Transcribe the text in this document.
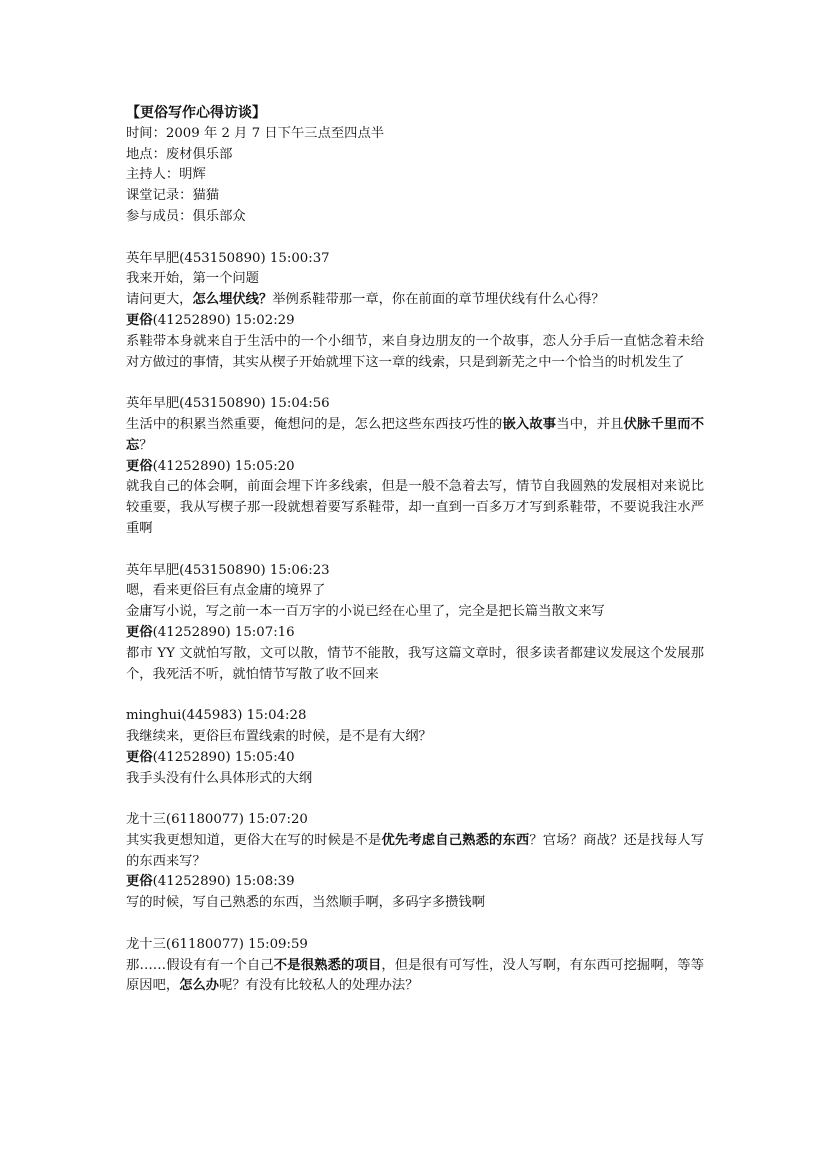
【更俗写作心得访谈】
时间：2009 年 2 月 7 日下午三点至四点半
地点：废材俱乐部
主持人：明辉
课堂记录：猫猫
参与成员：俱乐部众
英年早肥(453150890) 15:00:37
我来开始，第一个问题
请问更大，怎么埋伏线？举例系鞋带那一章，你在前面的章节埋伏线有什么心得？
更俗(41252890) 15:02:29
系鞋带本身就来自于生活中的一个小细节，来自身边朋友的一个故事，恋人分手后一直惦念着未给对方做过的事情，其实从楔子开始就埋下这一章的线索，只是到新芜之中一个恰当的时机发生了
英年早肥(453150890) 15:04:56
生活中的积累当然重要，俺想问的是，怎么把这些东西技巧性的嵌入故事当中，并且伏脉千里而不忘？
更俗(41252890) 15:05:20
就我自己的体会啊，前面会埋下许多线索，但是一般不急着去写，情节自我圆熟的发展相对来说比较重要，我从写楔子那一段就想着要写系鞋带，却一直到一百多万才写到系鞋带，不要说我注水严重啊
英年早肥(453150890) 15:06:23
嗯，看来更俗巨有点金庸的境界了
金庸写小说，写之前一本一百万字的小说已经在心里了，完全是把长篇当散文来写
更俗(41252890) 15:07:16
都市 YY 文就怕写散，文可以散，情节不能散，我写这篇文章时，很多读者都建议发展这个发展那个，我死活不听，就怕情节写散了收不回来
minghui(445983) 15:04:28
我继续来，更俗巨布置线索的时候，是不是有大纲？
更俗(41252890) 15:05:40
我手头没有什么具体形式的大纲
龙十三(61180077) 15:07:20
其实我更想知道，更俗大在写的时候是不是优先考虑自己熟悉的东西？官场？商战？还是找每人写的东西来写？
更俗(41252890) 15:08:39
写的时候，写自己熟悉的东西，当然顺手啊，多码字多攒钱啊
龙十三(61180077) 15:09:59
那……假设有有一个自己不是很熟悉的项目，但是很有可写性，没人写啊，有东西可挖掘啊，等等原因吧，怎么办呢？有没有比较私人的处理办法？
